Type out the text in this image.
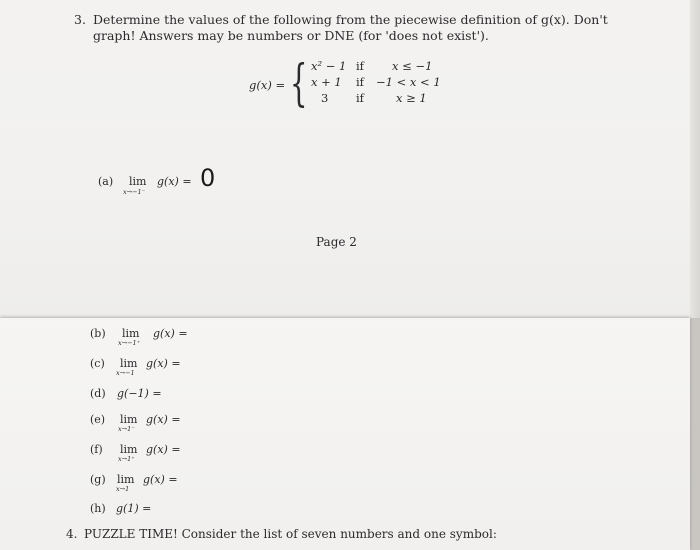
3. Determine the values of the following from the piecewise definition of g(x). Don't
graph! Answers may be numbers or DNE (for 'does not exist').
g(x) = { x² − 1 if x ≤ −1
x + 1 if −1 < x < 1
3 if	x ≥ 1
(a) lim
x→−1⁻
g(x) = 0
Page 2
(b) lim
x→−1⁺
g(x) =
(c) lim
x→−1
g(x) =
(d) g(−1) =
(e) lim
x→1⁻
g(x) =
(f) lim
x→1⁺
g(x) =
(g) lim
x→1
g(x) =
(h) g(1) =
4. PUZZLE TIME! Consider the list of seven numbers and one symbol:
